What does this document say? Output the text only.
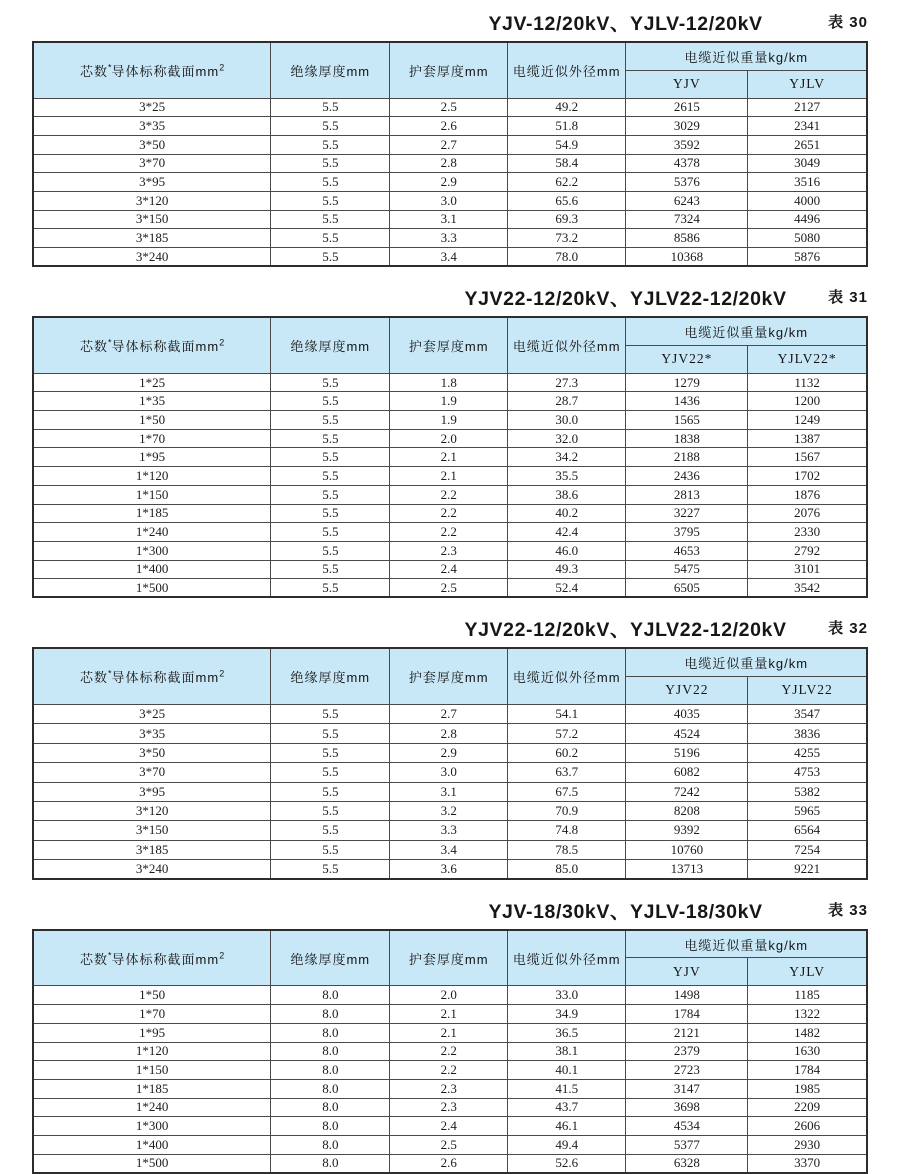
YJV-12/20kV、YJLV-12/20kV	表 30
芯数*导体标称截面$mm^2$	绝缘厚度mm	护套厚度mm	电缆近似外径mm	电缆近似重量kg/km	
				YJV	YJLV
3*25	5.5	2.5	49.2	2615	2127
3*35	5.5	2.6	51.8	3029	2341
3*50	5.5	2.7	54.9	3592	2651
3*70	5.5	2.8	58.4	4378	3049
3*95	5.5	2.9	62.2	5376	3516
3*120	5.5	3.0	65.6	6243	4000
3*150	5.5	3.1	69.3	7324	4496
3*185	5.5	3.3	73.2	8586	5080
3*240	5.5	3.4	78.0	10368	5876
YJV22-12/20kV、YJLV22-12/20kV	表 31
芯数*导体标称截面$mm^2$	绝缘厚度mm	护套厚度mm	电缆近似外径mm	电缆近似重量kg/km	
				YJV22*	YJLV22*
1*25	5.5	1.8	27.3	1279	1132
1*35	5.5	1.9	28.7	1436	1200
1*50	5.5	1.9	30.0	1565	1249
1*70	5.5	2.0	32.0	1838	1387
1*95	5.5	2.1	34.2	2188	1567
1*120	5.5	2.1	35.5	2436	1702
1*150	5.5	2.2	38.6	2813	1876
1*185	5.5	2.2	40.2	3227	2076
1*240	5.5	2.2	42.4	3795	2330
1*300	5.5	2.3	46.0	4653	2792
1*400	5.5	2.4	49.3	5475	3101
1*500	5.5	2.5	52.4	6505	3542
YJV22-12/20kV、YJLV22-12/20kV	表 32
芯数*导体标称截面$mm^2$	绝缘厚度mm	护套厚度mm	电缆近似外径mm	电缆近似重量kg/km	
				YJV22	YJLV22
3*25	5.5	2.7	54.1	4035	3547
3*35	5.5	2.8	57.2	4524	3836
3*50	5.5	2.9	60.2	5196	4255
3*70	5.5	3.0	63.7	6082	4753
3*95	5.5	3.1	67.5	7242	5382
3*120	5.5	3.2	70.9	8208	5965
3*150	5.5	3.3	74.8	9392	6564
3*185	5.5	3.4	78.5	10760	7254
3*240	5.5	3.6	85.0	13713	9221
YJV-18/30kV、YJLV-18/30kV	表 33
芯数*导体标称截面$mm^2$	绝缘厚度mm	护套厚度mm	电缆近似外径mm	电缆近似重量kg/km	
				YJV	YJLV
1*50	8.0	2.0	33.0	1498	1185
1*70	8.0	2.1	34.9	1784	1322
1*95	8.0	2.1	36.5	2121	1482
1*120	8.0	2.2	38.1	2379	1630
1*150	8.0	2.2	40.1	2723	1784
1*185	8.0	2.3	41.5	3147	1985
1*240	8.0	2.3	43.7	3698	2209
1*300	8.0	2.4	46.1	4534	2606
1*400	8.0	2.5	49.4	5377	2930
1*500	8.0	2.6	52.6	6328	3370
